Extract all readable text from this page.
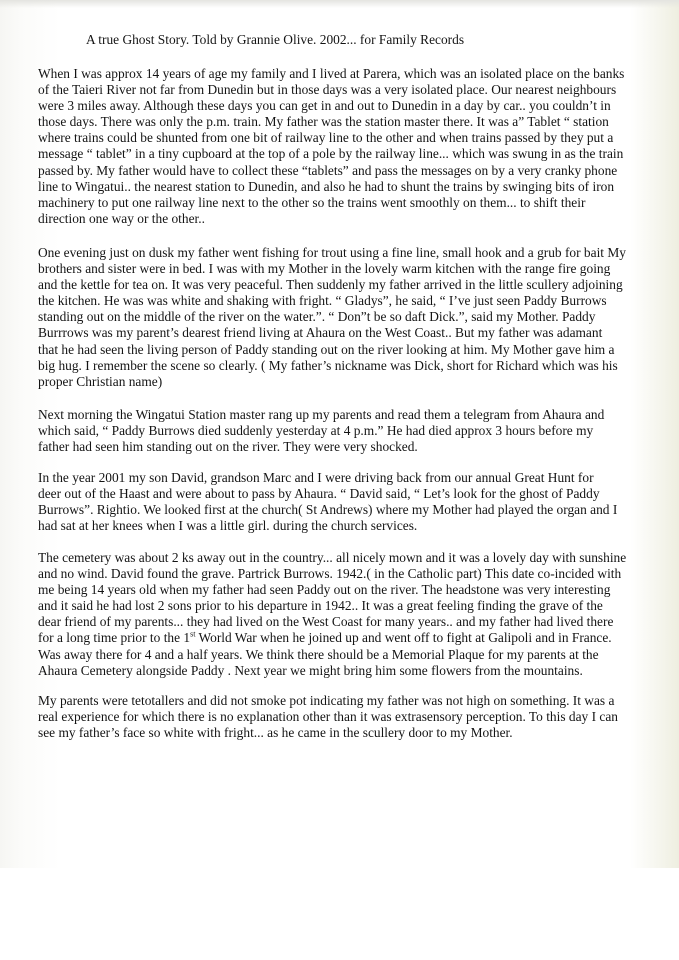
A true Ghost Story. Told by Grannie Olive. 2002... for Family Records

When I was approx 14 years of age my family and I lived at Parera, which was an isolated place on the banks
of the Taieri River not far from Dunedin but in those days was a very isolated place. Our nearest neighbours
were 3 miles away. Although these days you can get in and out to Dunedin in a day by car.. you couldn’t in
those days. There was only the p.m. train. My father was the station master there. It was a” Tablet “ station
where trains could be shunted from one bit of railway line to the other and when trains passed by they put a
message “ tablet” in a tiny cupboard at the top of a pole by the railway line... which was swung in as the train
passed by. My father would have to collect these “tablets” and pass the messages on by a very cranky phone
line to Wingatui.. the nearest station to Dunedin, and also he had to shunt the trains by swinging bits of iron
machinery to put one railway line next to the other so the trains went smoothly on them... to shift their
direction one way or the other..

One evening just on dusk my father went fishing for trout using a fine line, small hook and a grub for bait My
brothers and sister were in bed. I was with my Mother in the lovely warm kitchen with the range fire going
and the kettle for tea on. It was very peaceful. Then suddenly my father arrived in the little scullery adjoining
the kitchen. He was was white and shaking with fright. “ Gladys”, he said, “ I’ve just seen Paddy Burrows
standing out on the middle of the river on the water.”. “ Don”t be so daft Dick.”, said my Mother. Paddy
Burrrows was my parent’s dearest friend living at Ahaura on the West Coast.. But my father was adamant
that he had seen the living person of Paddy standing out on the river looking at him. My Mother gave him a
big hug. I remember the scene so clearly. ( My father’s nickname was Dick, short for Richard which was his
proper Christian name)

Next morning the Wingatui Station master rang up my parents and read them a telegram from Ahaura and
which said, “ Paddy Burrows died suddenly yesterday at 4 p.m.” He had died approx 3 hours before my
father had seen him standing out on the river. They were very shocked.

In the year 2001 my son David, grandson Marc and I were driving back from our annual Great Hunt for
deer out of the Haast and were about to pass by Ahaura. “ David said, “ Let’s look for the ghost of Paddy
Burrows”. Rightio. We looked first at the church( St Andrews) where my Mother had played the organ and I
had sat at her knees when I was a little girl. during the church services.

The cemetery was about 2 ks away out in the country... all nicely mown and it was a lovely day with sunshine
and no wind. David found the grave. Partrick Burrows. 1942.( in the Catholic part) This date co-incided with
me being 14 years old when my father had seen Paddy out on the river. The headstone was very interesting
and it said he had lost 2 sons prior to his departure in 1942.. It was a great feeling finding the grave of the
dear friend of my parents... they had lived on the West Coast for many years.. and my father had lived there
for a long time prior to the 1st World War when he joined up and went off to fight at Galipoli and in France.
Was away there for 4 and a half years. We think there should be a Memorial Plaque for my parents at the
Ahaura Cemetery alongside Paddy . Next year we might bring him some flowers from the mountains.

My parents were tetotallers and did not smoke pot indicating my father was not high on something. It was a
real experience for which there is no explanation other than it was extrasensory perception. To this day I can
see my father’s face so white with fright... as he came in the scullery door to my Mother.
